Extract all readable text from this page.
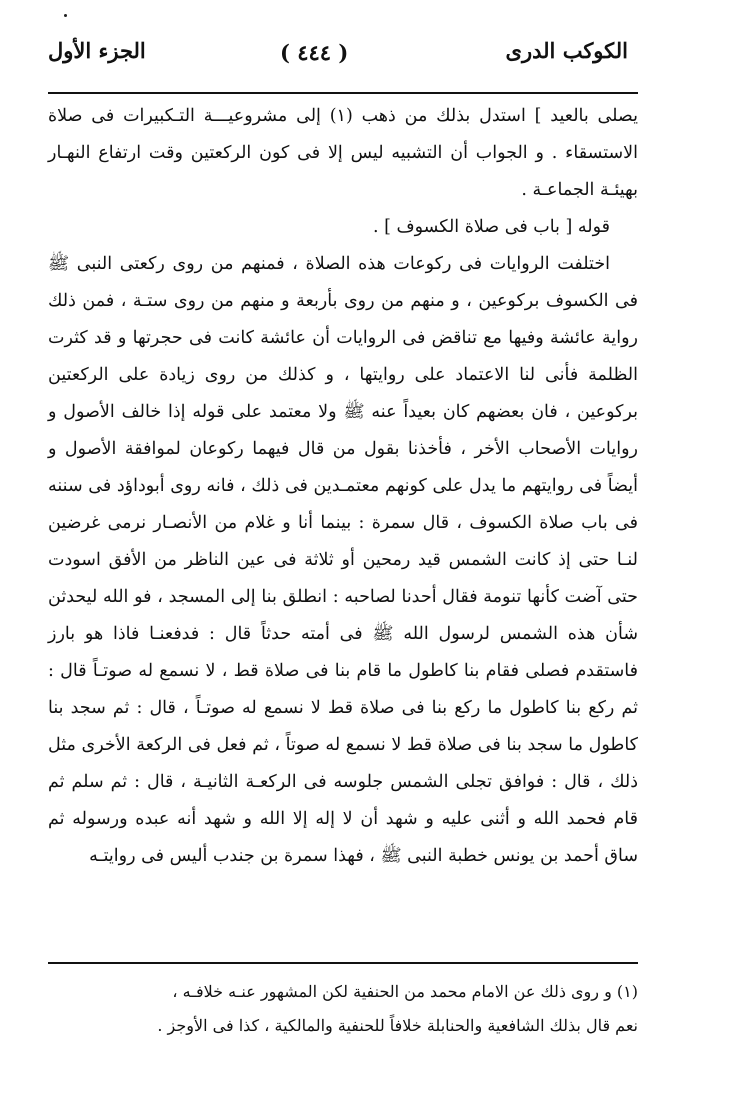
الكوكب الدرى
( ٤٤٤ )
الجزء الأول

يصلى بالعيد ] استدل بذلك من ذهب (١) إلى مشروعيـــة التـكبيرات فى صلاة الاستسقاء . و الجواب أن التشبيه ليس إلا فى كون الركعتين وقت ارتفاع النهـار بهيئـة الجماعـة .

قوله [ باب فى صلاة الكسوف ] .

اختلفت الروايات فى ركوعات هذه الصلاة ، فمنهم من روى ركعتى النبى ﷺ فى الكسوف بركوعين ، و منهم من روى بأربعة و منهم من روى ستـة ، فمن ذلك رواية عائشة وفيها مع تناقض فى الروايات أن عائشة كانت فى حجرتها و قد كثرت الظلمة فأنى لنا الاعتماد على روايتها ، و كذلك من روى زيادة على الركعتين بركوعين ، فان بعضهم كان بعيداً عنه ﷺ ولا معتمد على قوله إذا خالف الأصول و روايات الأصحاب الأخر ، فأخذنا بقول من قال فيهما ركوعان لموافقة الأصول و أيضاً فى روايتهم ما يدل على كونهم معتمـدين فى ذلك ، فانه روى أبوداؤد فى سننه فى باب صلاة الكسوف ، قال سمرة : بينما أنا و غلام من الأنصـار نرمى غرضين لنـا حتى إذ كانت الشمس قيد رمحين أو ثلاثة فى عين الناظر من الأفق اسودت حتى آضت كأنها تنومة فقال أحدنا لصاحبه : انطلق بنا إلى المسجد ، فو الله ليحدثن شأن هذه الشمس لرسول الله ﷺ فى أمته حدثاً قال : فدفعنـا فاذا هو بارز فاستقدم فصلى فقام بنا كاطول ما قام بنا فى صلاة قط ، لا نسمع له صوتـاً قال : ثم ركع بنا كاطول ما ركع بنا فى صلاة قط لا نسمع له صوتـاً ، قال : ثم سجد بنا كاطول ما سجد بنا فى صلاة قط لا نسمع له صوتاً ، ثم فعل فى الركعة الأخرى مثل ذلك ، قال : فوافق تجلى الشمس جلوسه فى الركعـة الثانيـة ، قال : ثم سلم ثم قام فحمد الله و أثنى عليه و شهد أن لا إله إلا الله و شهد أنه عبده ورسوله ثم ساق أحمد بن يونس خطبة النبى ﷺ ، فهذا سمرة بن جندب أليس فى روايتـه

(١) و روى ذلك عن الامام محمد من الحنفية لكن المشهور عنـه خلافـه ،

نعم قال بذلك الشافعية والحنابلة خلافاً للحنفية والمالكية ، كذا فى الأوجز .
